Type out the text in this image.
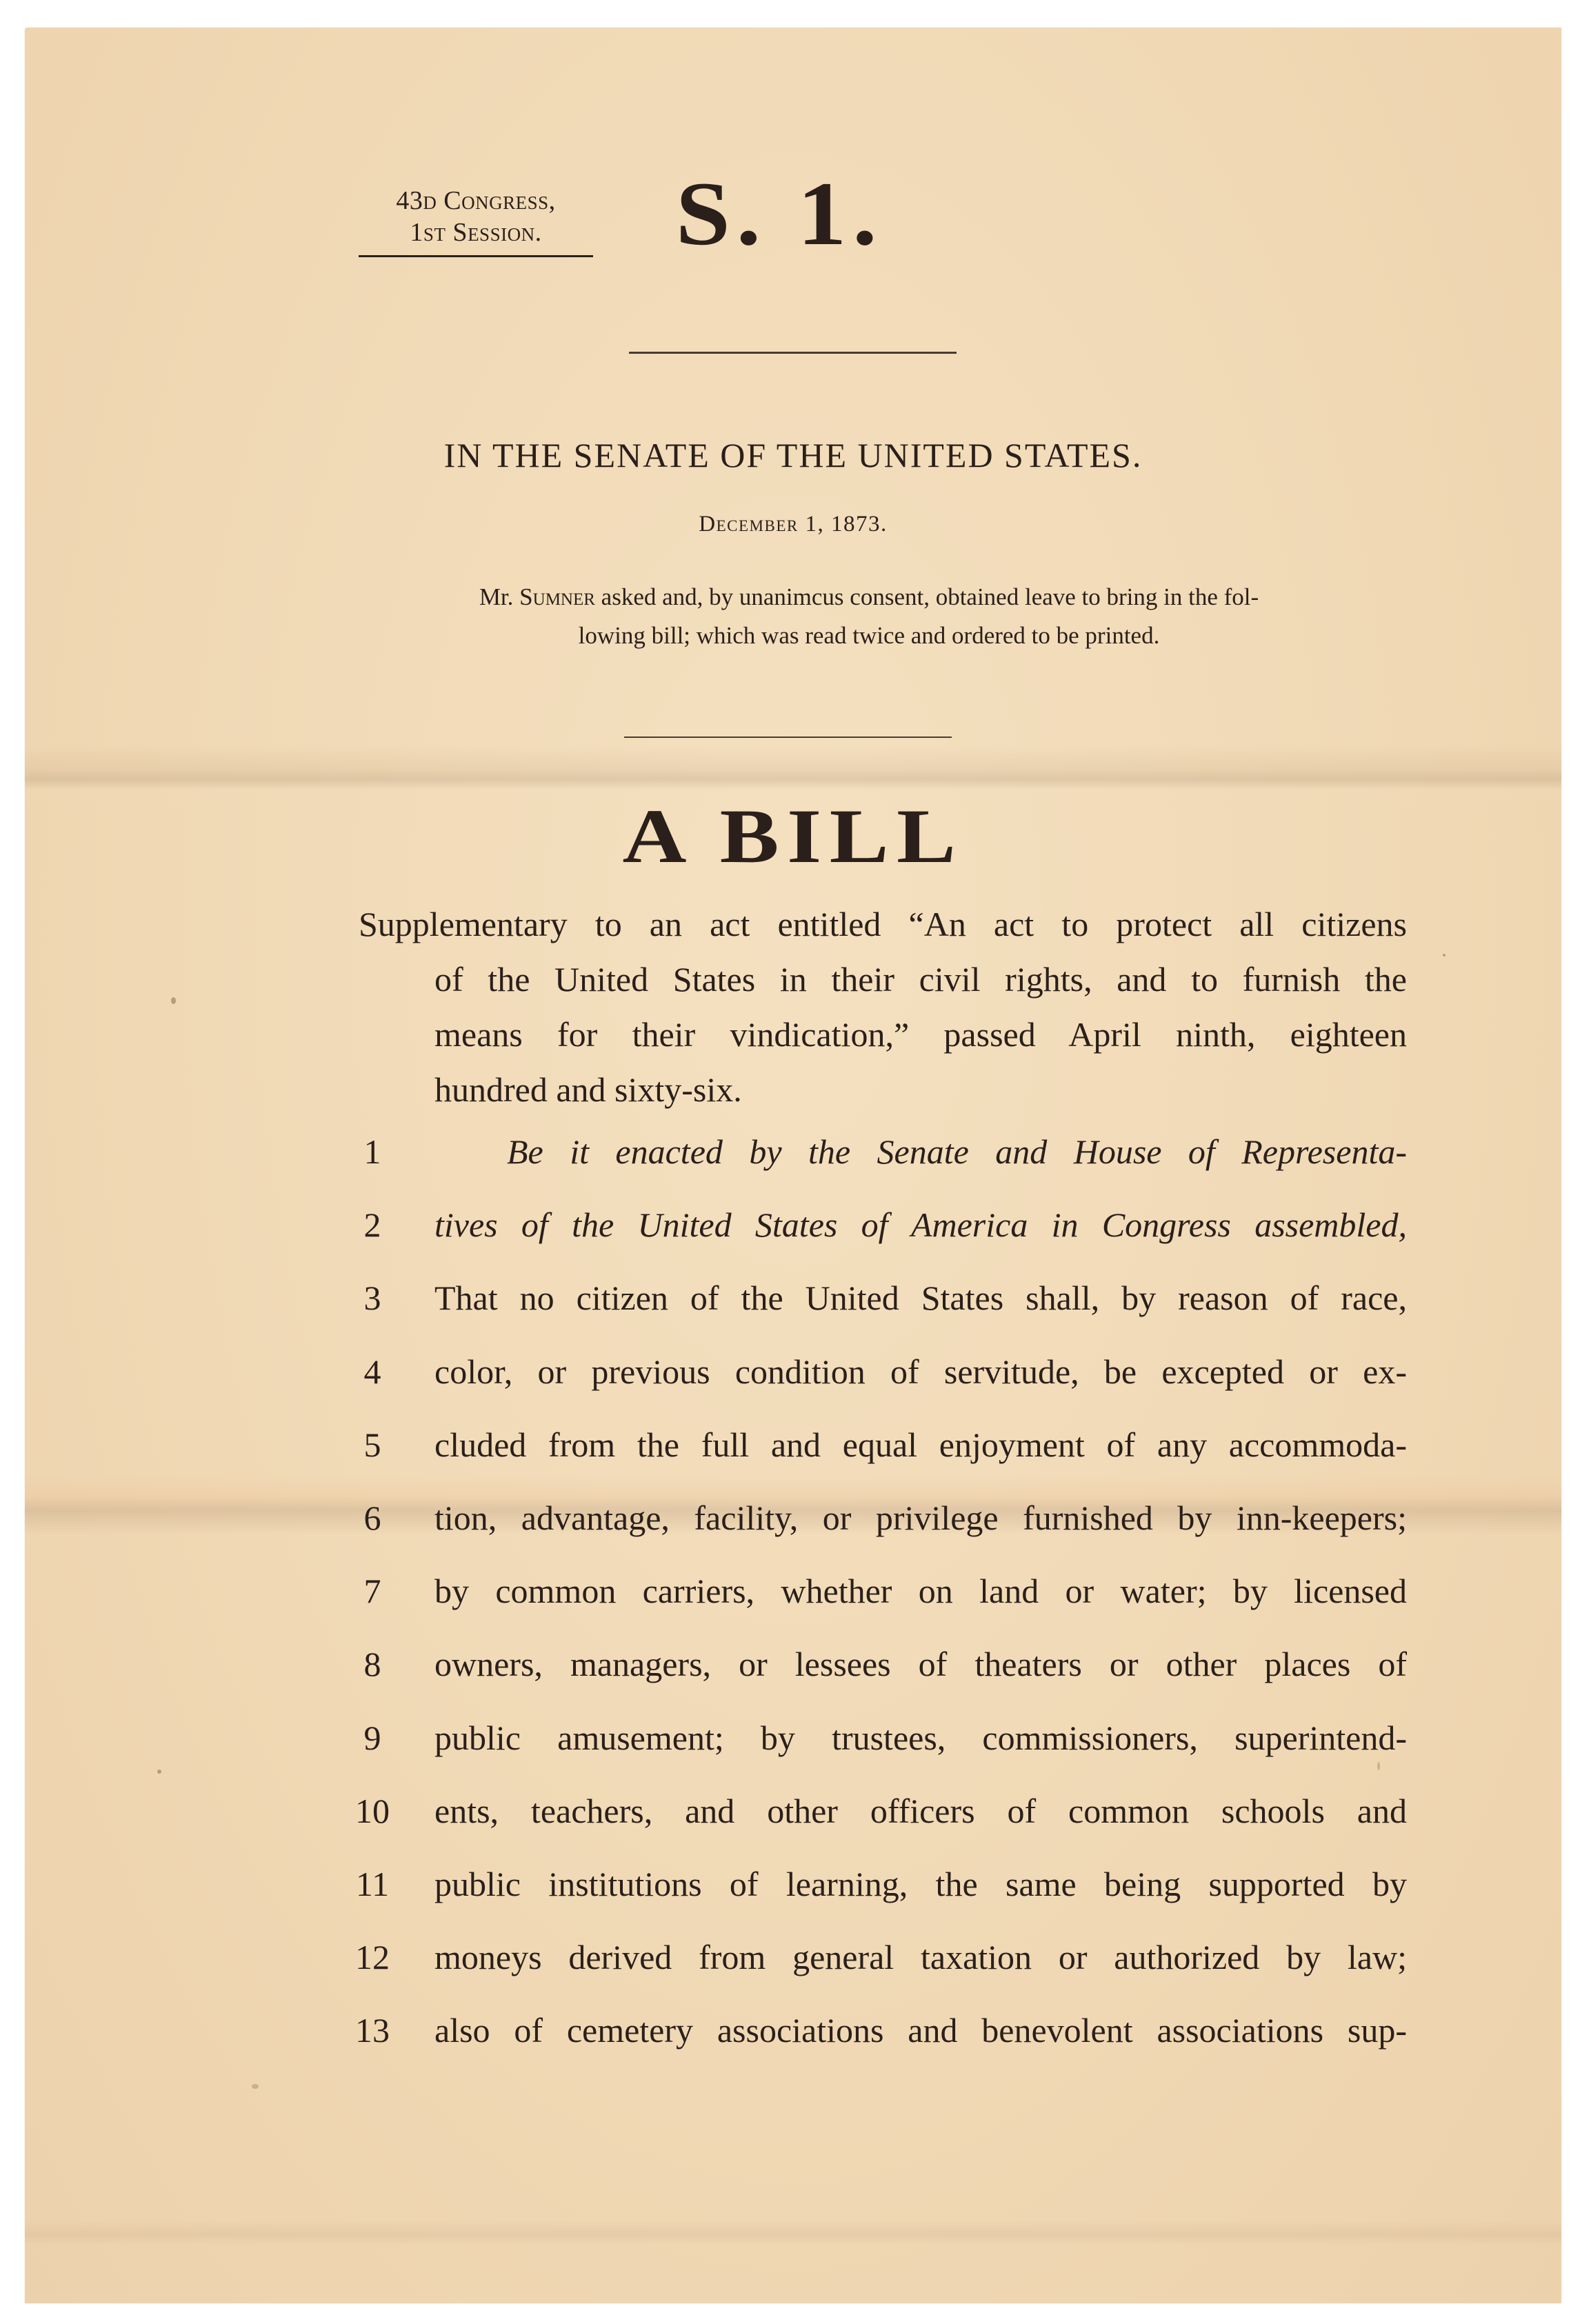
43d Congress,
1st Session.	S. 1.
IN THE SENATE OF THE UNITED STATES.
December 1, 1873.
Mr. Sumner asked and, by unanimcus consent, obtained leave to bring in the fol-
lowing bill; which was read twice and ordered to be printed.
A BILL
Supplementary to an act entitled “An act to protect all citizens
of the United States in their civil rights, and to furnish the
means for their vindication,” passed April ninth, eighteen
hundred and sixty-six.
1	Be it enacted by the Senate and House of Representa-
2	tives of the United States of America in Congress assembled,
3	That no citizen of the United States shall, by reason of race,
4	color, or previous condition of servitude, be excepted or ex-
5	cluded from the full and equal enjoyment of any accommoda-
6	tion, advantage, facility, or privilege furnished by inn-keepers;
7	by common carriers, whether on land or water; by licensed
8	owners, managers, or lessees of theaters or other places of
9	public amusement; by trustees, commissioners, superintend-
10	ents, teachers, and other officers of common schools and
11	public institutions of learning, the same being supported by
12	moneys derived from general taxation or authorized by law;
13	also of cemetery associations and benevolent associations sup-
